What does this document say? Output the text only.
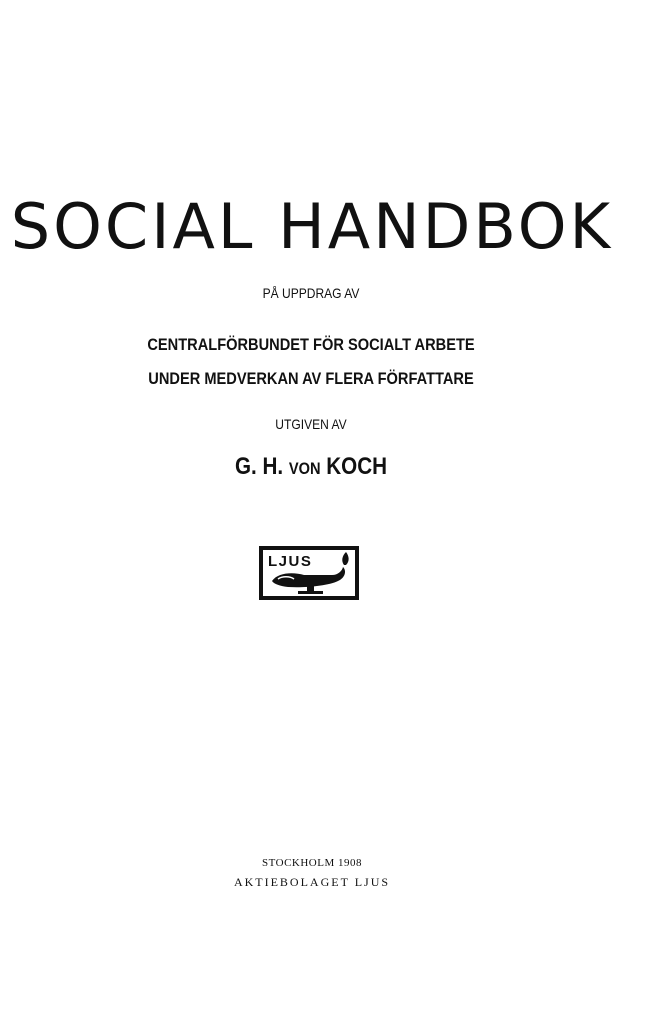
SOCIAL HANDBOK
PÅ UPPDRAG AV
CENTRALFÖRBUNDET FÖR SOCIALT ARBETE
UNDER MEDVERKAN AV FLERA FÖRFATTARE
UTGIVEN AV
G. H. VON KOCH
LJUS
STOCKHOLM 1908
AKTIEBOLAGET LJUS
